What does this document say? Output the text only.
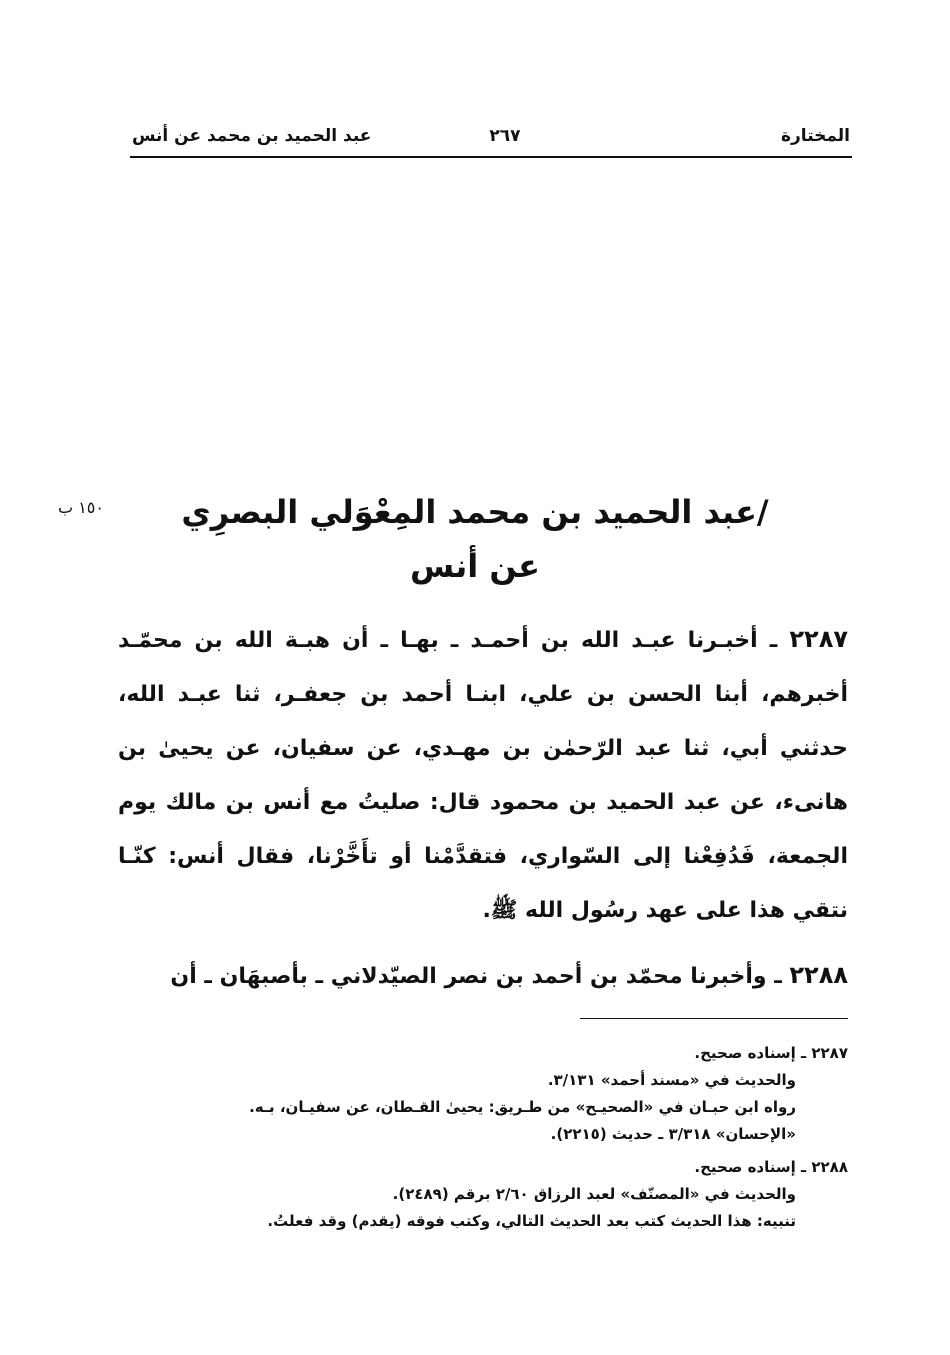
المختارة
٢٦٧
عبد الحميد بن محمد عن أنس
١٥٠ ب	/عبد الحميد بن محمد المِعْوَلي البصرِي
عن أنس

٢٢٨٧ ـ أخبـرنا عبـد الله بن أحمـد ـ بهـا ـ أن هبـة الله بن محمّـد أخبرهم، أبنا الحسن بن علي، ابنـا أحمد بن جعفـر، ثنا عبـد الله، حدثني أبي، ثنا عبد الرّحمٰن بن مهـدي، عن سفيان، عن يحيىٰ بن هانىء، عن عبد الحميد بن محمود قال: صليتُ مع أنس بن مالك يوم الجمعة، فَدُفِعْنا إلى السّواري، فتقدَّمْنا أو تأَخَّرْنا، فقال أنس: كنّـا نتقي هذا على عهد رسُول الله ﷺ.

٢٢٨٨ ـ وأخبرنا محمّد بن أحمد بن نصر الصيّدلاني ـ بأصبهَان ـ أن

٢٢٨٧ ـ إسناده صحيح.
والحديث في «مسند أحمد» ٣/١٣١.
رواه ابن حبـان في «الصحيـح» من طـريق: يحيىٰ القـطان، عن سفيـان، بـه.
«الإحسان» ٣/٣١٨ ـ حديث (٢٢١٥).
٢٢٨٨ ـ إسناده صحيح.
والحديث في «المصنّف» لعبد الرزاق ٢/٦٠ برقم (٢٤٨٩).
تنبيه: هذا الحديث كتب بعد الحديث التالي، وكتب فوقه (يقدم) وقد فعلتُ.
